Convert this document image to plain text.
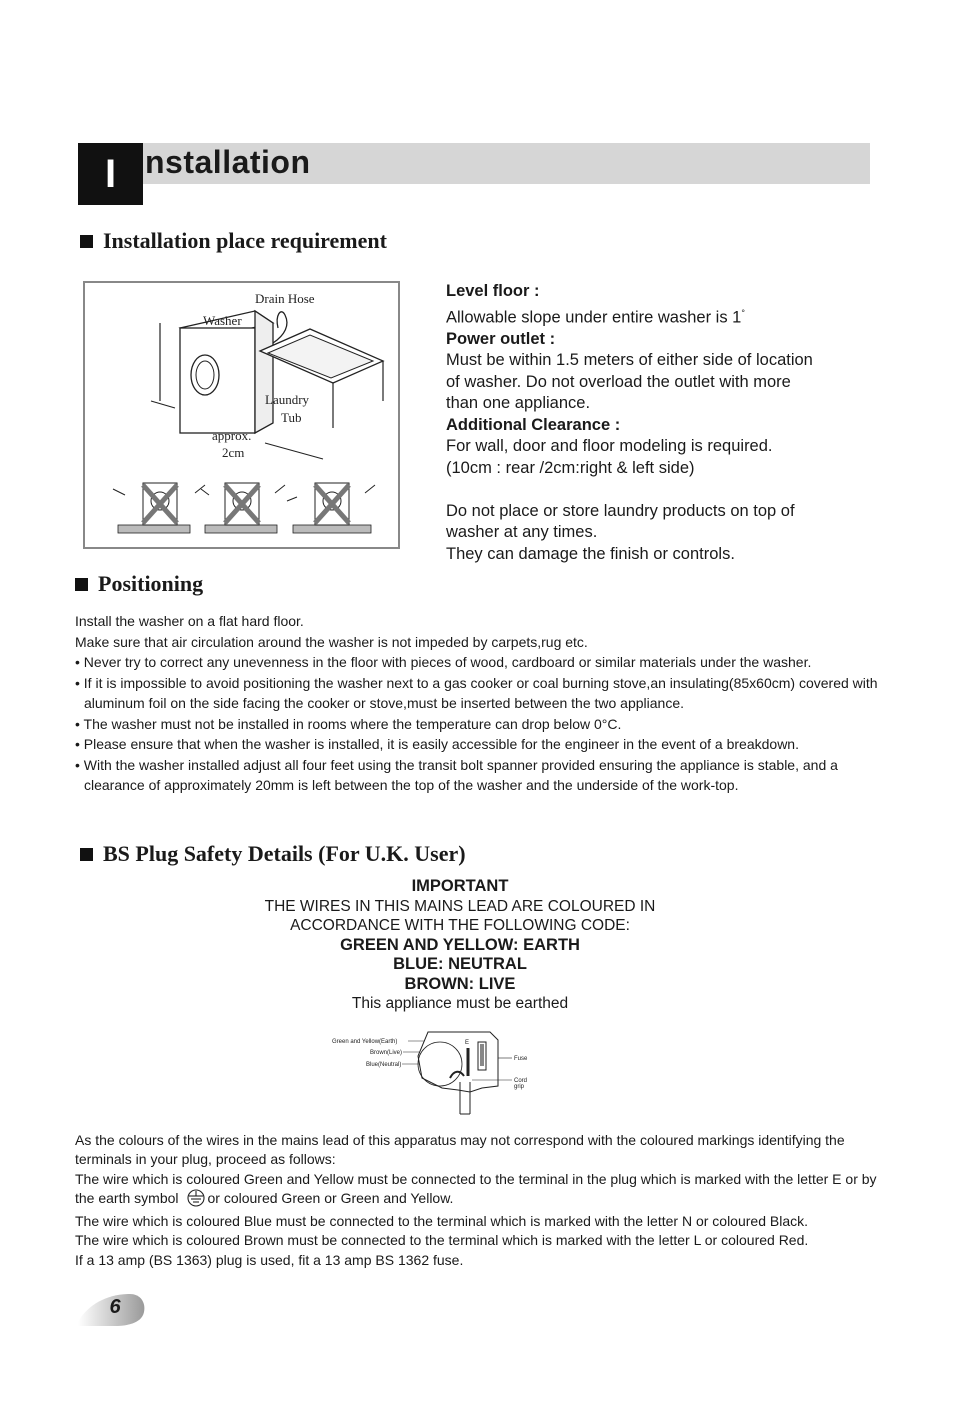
I nstallation
Installation place requirement
Drain Hose
Washer
Laundry
Tub
approx.
2cm

Level floor :

Allowable slope under entire washer is 1°

Power outlet :

Must be within 1.5 meters of either side of location

of washer. Do not overload the outlet with more

than one appliance.

Additional Clearance :

For wall, door and floor modeling is required.

(10cm : rear /2cm:right & left side)

Do not place or store laundry products on top of

washer at any times.

They can damage the finish or controls.

Positioning

Install the washer on a flat hard floor.

Make sure that air circulation around the washer is not impeded by carpets,rug etc.

• Never try to correct any unevenness in the floor with pieces of wood, cardboard or similar materials under the washer.

• If it is impossible to avoid positioning the washer next to a gas cooker or coal burning stove,an insulating(85x60cm) covered with aluminum foil on the side facing the cooker or stove,must be inserted between the two appliance.

• The washer must not be installed in rooms where the temperature can drop below 0°C.

• Please ensure that when the washer is installed, it is easily accessible for the engineer in the event of a breakdown.

• With the washer installed adjust all four feet using the transit bolt spanner provided ensuring the appliance is stable, and a clearance of approximately 20mm is left between the top of the washer and the underside of the work-top.

BS Plug Safety Details (For U.K. User)

IMPORTANT

THE WIRES IN THIS MAINS LEAD ARE COLOURED IN

ACCORDANCE WITH THE FOLLOWING CODE:

GREEN AND YELLOW: EARTH

BLUE: NEUTRAL

BROWN: LIVE

This appliance must be earthed

Green and Yellow(Earth)
Brown(Live)
Blue(Neutral)
E
Fuse
Cord
grip

As the colours of the wires in the mains lead of this apparatus may not correspond with the coloured markings identifying the terminals in your plug, proceed as follows:

The wire which is coloured Green and Yellow must be connected to the terminal in the plug which is marked with the letter E or by the earth symbol or coloured Green or Green and Yellow.

The wire which is coloured Blue must be connected to the terminal which is marked with the letter N or coloured Black.

The wire which is coloured Brown must be connected to the terminal which is marked with the letter L or coloured Red.

If a 13 amp (BS 1363) plug is used, fit a 13 amp BS 1362 fuse.

6
